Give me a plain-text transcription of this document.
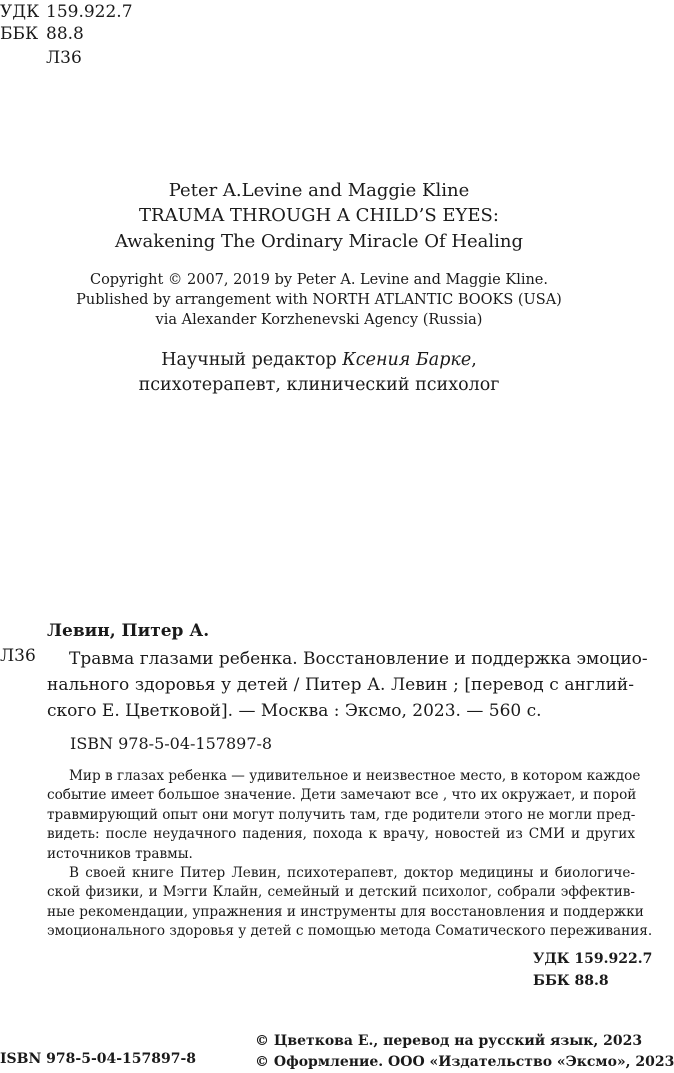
УДК 159.922.7
ББК 88.8
Л36
Peter A.Levine and Maggie Kline
TRAUMA THROUGH A CHILD’S EYES:
Awakening The Ordinary Miracle Of Healing
Copyright © 2007, 2019 by Peter A. Levine and Maggie Kline.
Published by arrangement with NORTH ATLANTIC BOOKS (USA)
via Alexander Korzhenevski Agency (Russia)
Научный редактор Ксения Барке,
психотерапевт, клинический психолог
Левин, Питер А.
Л36	Травма глазами ребенка. Восстановление и поддержка эмоцио-
нального здоровья у детей / Питер А. Левин ; [перевод с англий-
ского Е. Цветковой]. — Москва : Эксмо, 2023. — 560 с.
ISBN 978-5-04-157897-8
Мир в глазах ребенка — удивительное и неизвестное место, в котором каждое
событие имеет большое значение. Дети замечают все , что их окружает, и порой
травмирующий опыт они могут получить там, где родители этого не могли пред-
видеть: после неудачного падения, похода к врачу, новостей из СМИ и других
источников травмы.
В своей книге Питер Левин, психотерапевт, доктор медицины и биологиче-
ской физики, и Мэгги Клайн, семейный и детский психолог, собрали эффектив-
ные рекомендации, упражнения и инструменты для восстановления и поддержки
эмоционального здоровья у детей с помощью метода Соматического переживания.
УДК 159.922.7
ББК 88.8
© Цветкова Е., перевод на русский язык, 2023
© Оформление. ООО «Издательство «Эксмо», 2023
ISBN 978-5-04-157897-8
